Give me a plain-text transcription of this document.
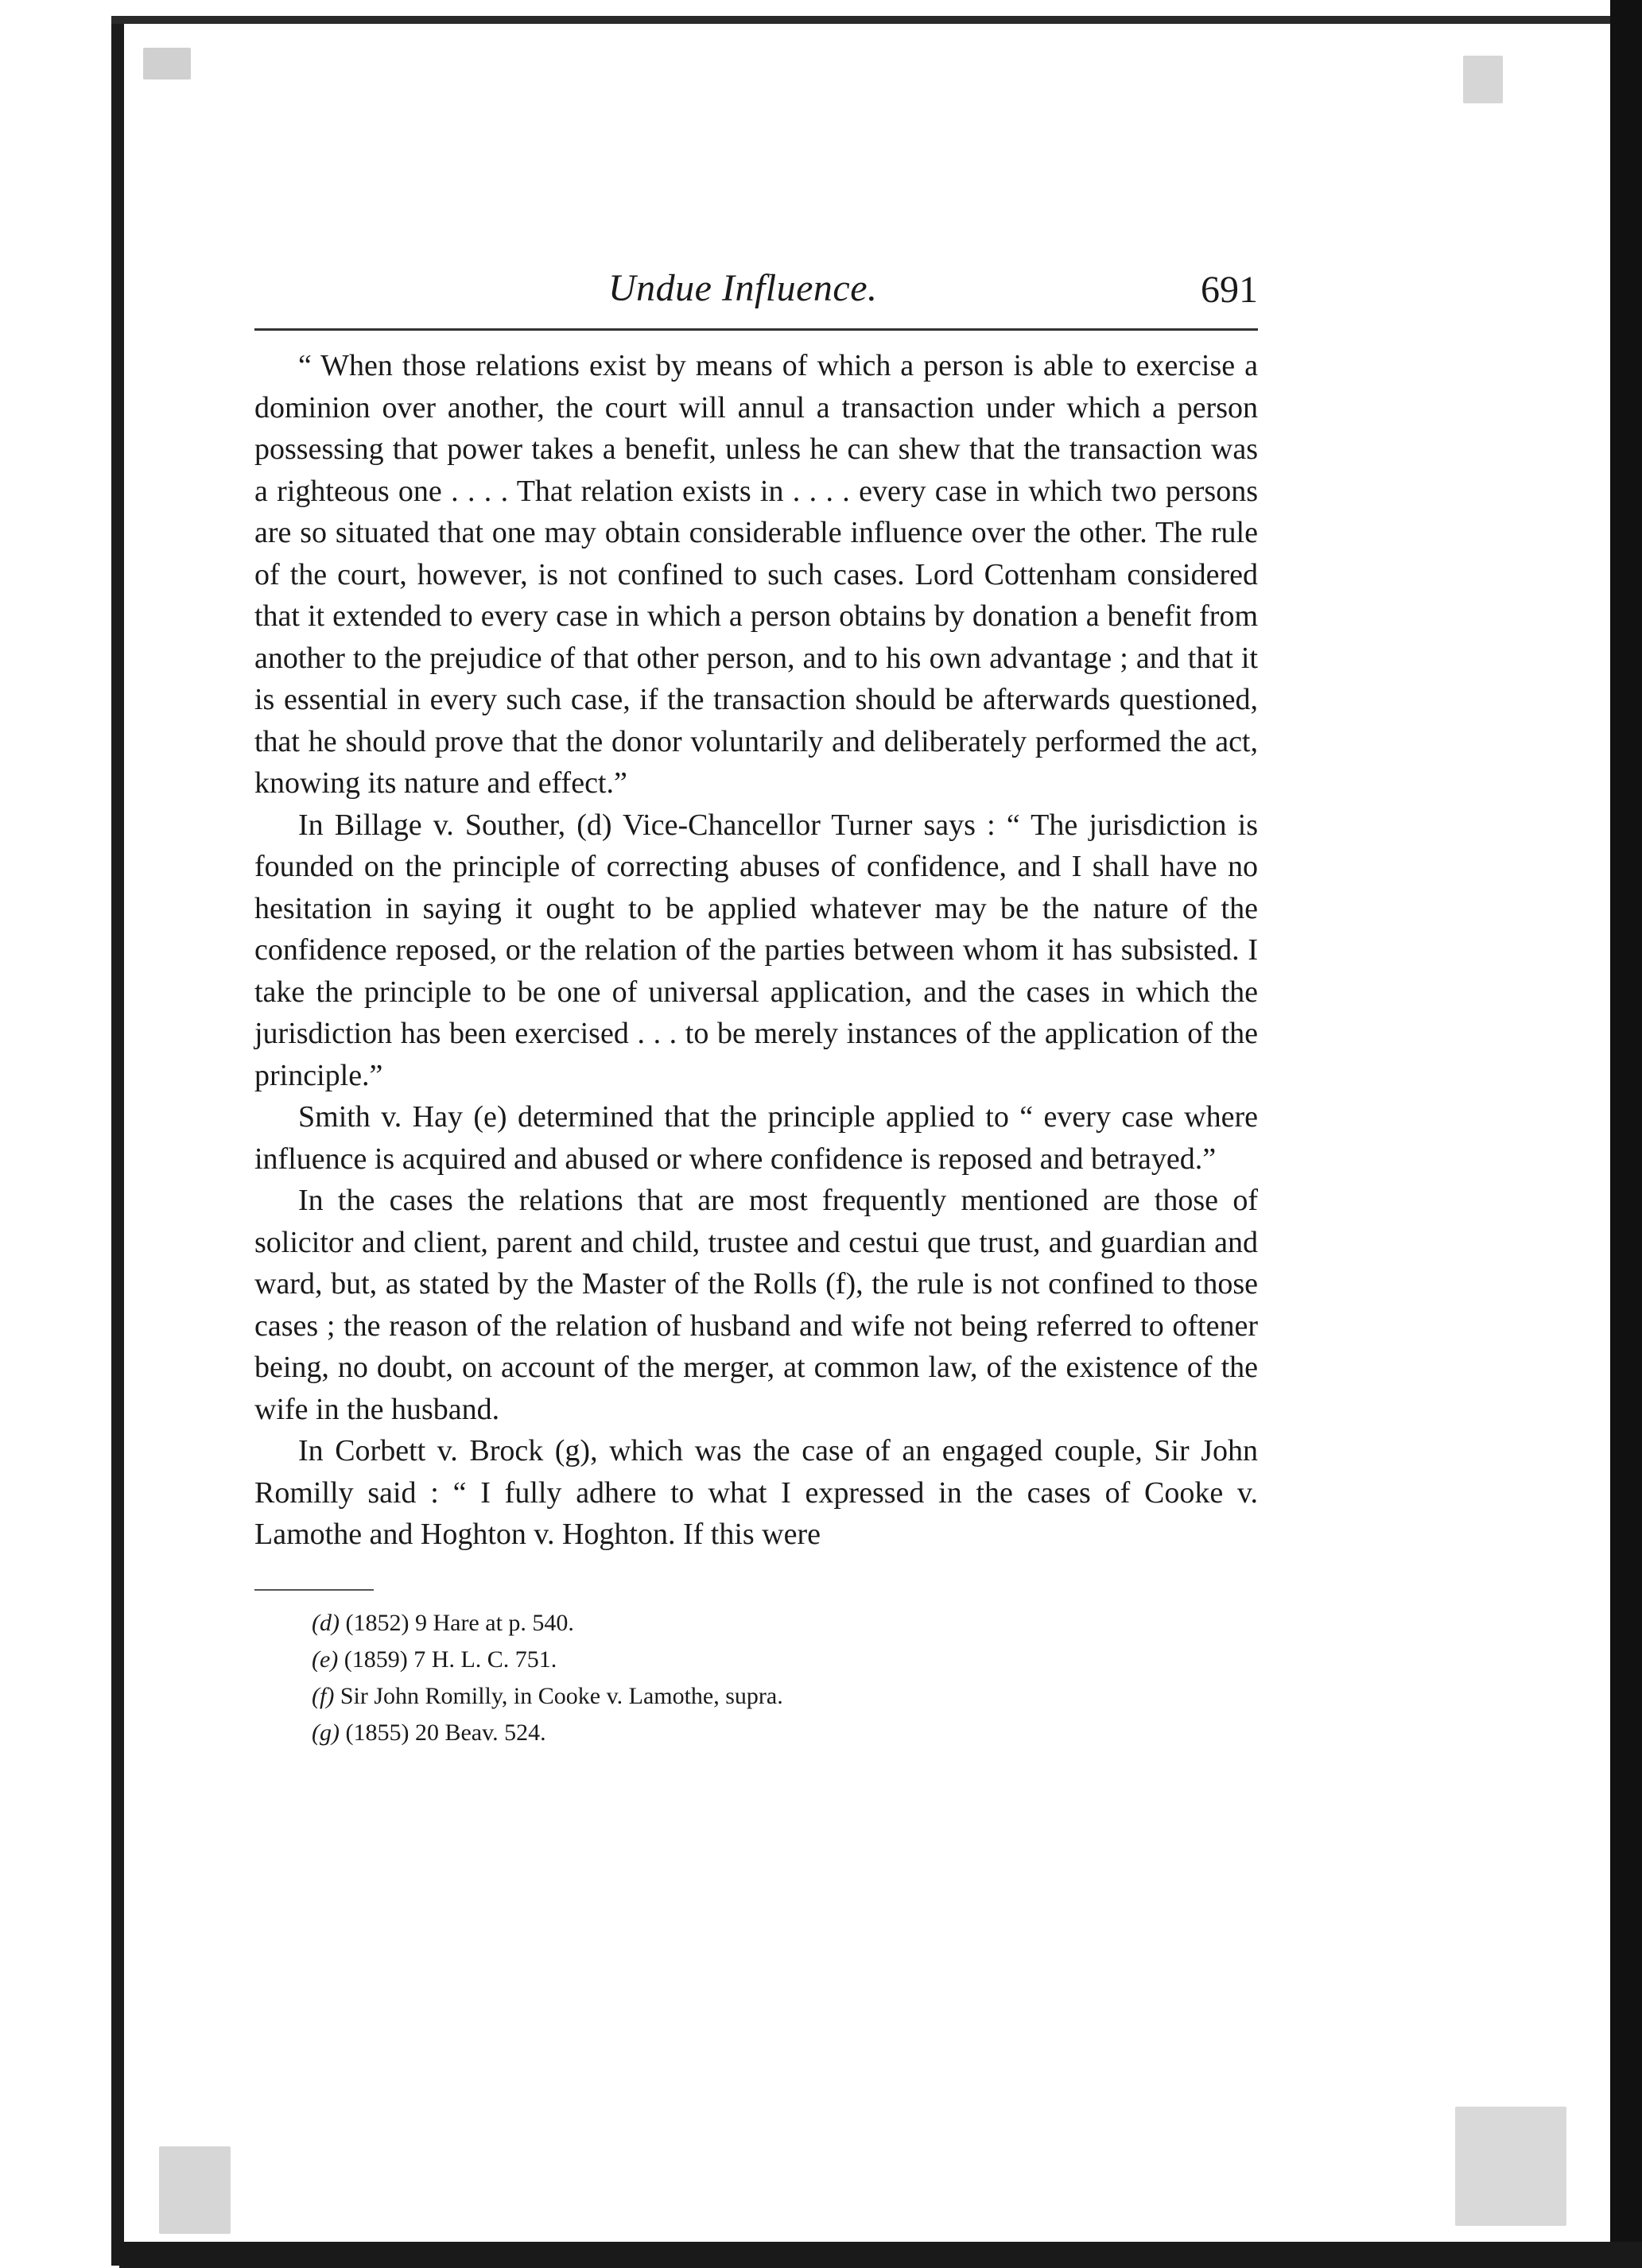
Undue Influence.	691

“ When those relations exist by means of which a person is able to exercise a dominion over another, the court will annul a transaction under which a person possessing that power takes a benefit, unless he can shew that the transaction was a righteous one . . . . That relation exists in . . . . every case in which two persons are so situated that one may obtain considerable influence over the other. The rule of the court, however, is not confined to such cases. Lord Cottenham considered that it extended to every case in which a person obtains by donation a benefit from another to the prejudice of that other person, and to his own advantage ; and that it is essential in every such case, if the transaction should be afterwards questioned, that he should prove that the donor voluntarily and deliberately performed the act, knowing its nature and effect.”

In Billage v. Souther, (d) Vice-Chancellor Turner says : “ The jurisdiction is founded on the principle of correcting abuses of confidence, and I shall have no hesitation in saying it ought to be applied whatever may be the nature of the confidence reposed, or the relation of the parties between whom it has subsisted. I take the principle to be one of universal application, and the cases in which the jurisdiction has been exercised . . . to be merely instances of the application of the principle.”

Smith v. Hay (e) determined that the principle applied to “ every case where influence is acquired and abused or where confidence is reposed and betrayed.”

In the cases the relations that are most frequently mentioned are those of solicitor and client, parent and child, trustee and cestui que trust, and guardian and ward, but, as stated by the Master of the Rolls (f), the rule is not confined to those cases ; the reason of the relation of husband and wife not being referred to oftener being, no doubt, on account of the merger, at common law, of the existence of the wife in the husband.

In Corbett v. Brock (g), which was the case of an engaged couple, Sir John Romilly said : “ I fully adhere to what I expressed in the cases of Cooke v. Lamothe and Hoghton v. Hoghton. If this were

(d) (1852) 9 Hare at p. 540.
(e) (1859) 7 H. L. C. 751.
(f) Sir John Romilly, in Cooke v. Lamothe, supra.
(g) (1855) 20 Beav. 524.
